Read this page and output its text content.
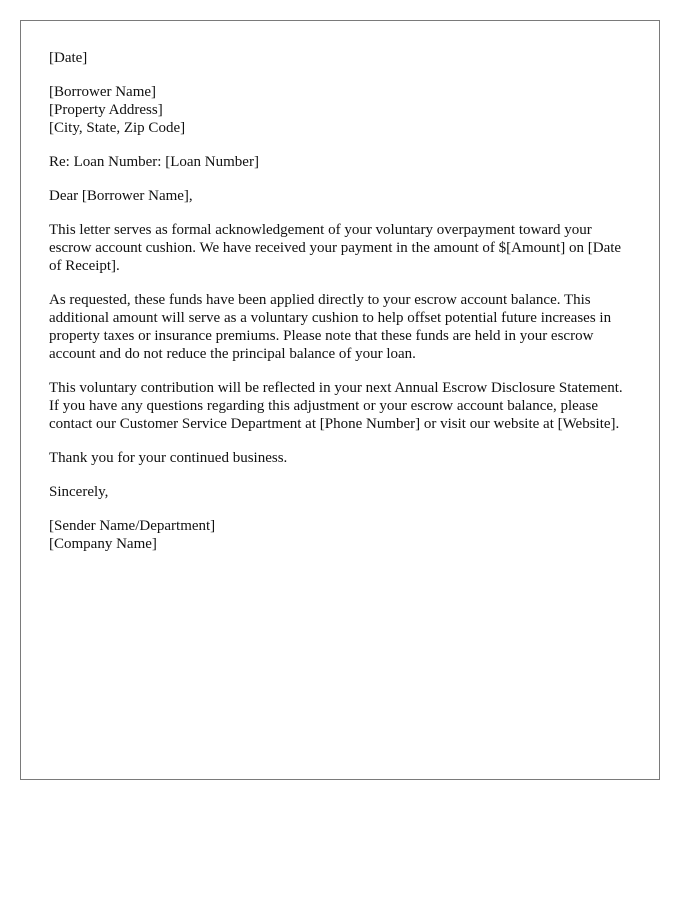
[Date]
[Borrower Name]
[Property Address]
[City, State, Zip Code]
Re: Loan Number: [Loan Number]
Dear [Borrower Name],

This letter serves as formal acknowledgement of your voluntary overpayment toward your escrow account cushion. We have received your payment in the amount of $[Amount] on [Date of Receipt].

As requested, these funds have been applied directly to your escrow account balance. This additional amount will serve as a voluntary cushion to help offset potential future increases in property taxes or insurance premiums. Please note that these funds are held in your escrow account and do not reduce the principal balance of your loan.

This voluntary contribution will be reflected in your next Annual Escrow Disclosure Statement. If you have any questions regarding this adjustment or your escrow account balance, please contact our Customer Service Department at [Phone Number] or visit our website at [Website].

Thank you for your continued business.

Sincerely,
[Sender Name/Department]
[Company Name]
